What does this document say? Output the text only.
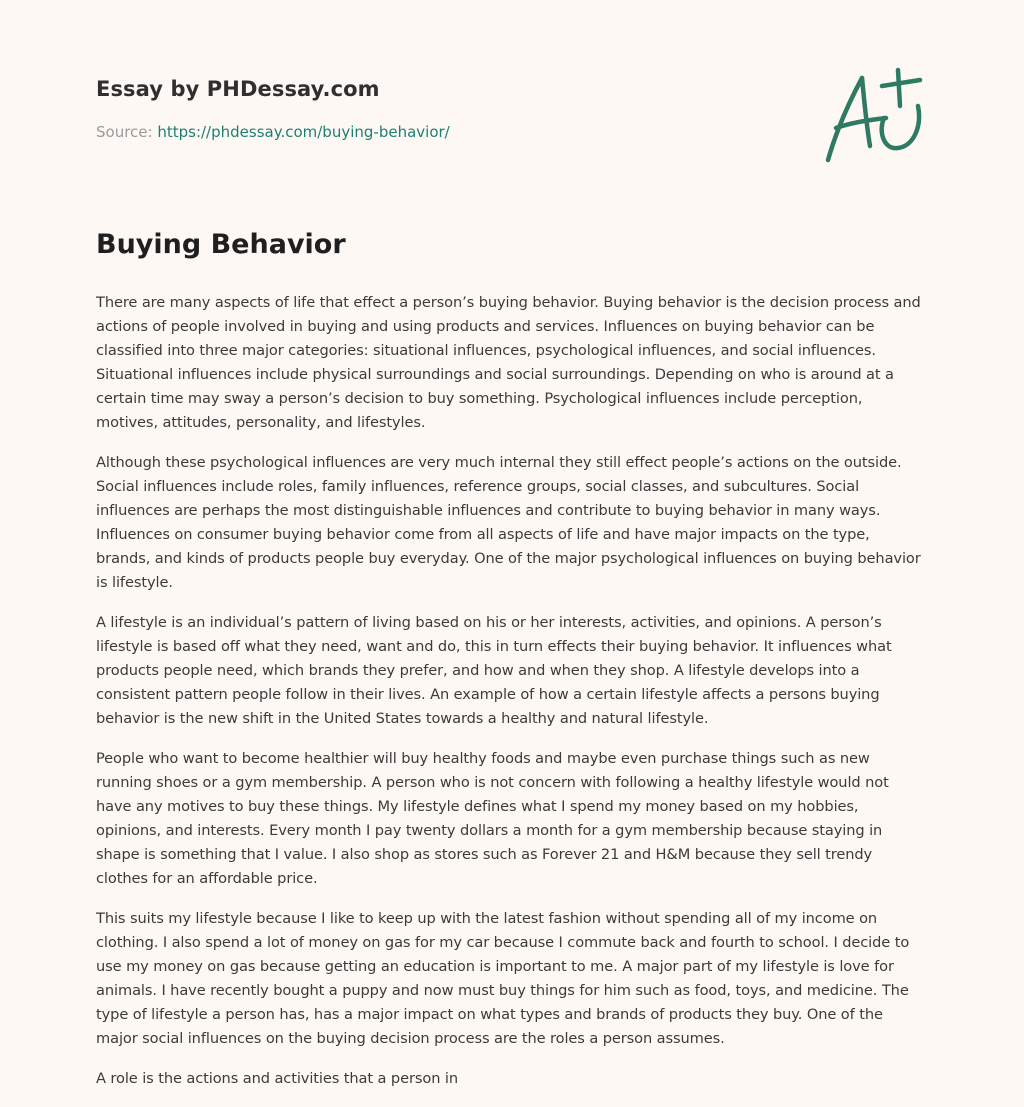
Essay by PHDessay.com
Source: https://phdessay.com/buying-behavior/
Buying Behavior

There are many aspects of life that effect a person’s buying behavior. Buying behavior is the decision process and actions of people involved in buying and using products and services. Influences on buying behavior can be classified into three major categories: situational influences, psychological influences, and social influences. Situational influences include physical surroundings and social surroundings. Depending on who is around at a certain time may sway a person’s decision to buy something. Psychological influences include perception, motives, attitudes, personality, and lifestyles.

Although these psychological influences are very much internal they still effect people’s actions on the outside. Social influences include roles, family influences, reference groups, social classes, and subcultures. Social influences are perhaps the most distinguishable influences and contribute to buying behavior in many ways. Influences on consumer buying behavior come from all aspects of life and have major impacts on the type, brands, and kinds of products people buy everyday. One of the major psychological influences on buying behavior is lifestyle.

A lifestyle is an individual’s pattern of living based on his or her interests, activities, and opinions. A person’s lifestyle is based off what they need, want and do, this in turn effects their buying behavior. It influences what products people need, which brands they prefer, and how and when they shop. A lifestyle develops into a consistent pattern people follow in their lives. An example of how a certain lifestyle affects a persons buying behavior is the new shift in the United States towards a healthy and natural lifestyle.

People who want to become healthier will buy healthy foods and maybe even purchase things such as new running shoes or a gym membership. A person who is not concern with following a healthy lifestyle would not have any motives to buy these things. My lifestyle defines what I spend my money based on my hobbies, opinions, and interests. Every month I pay twenty dollars a month for a gym membership because staying in shape is something that I value. I also shop as stores such as Forever 21 and H&M because they sell trendy clothes for an affordable price.

This suits my lifestyle because I like to keep up with the latest fashion without spending all of my income on clothing. I also spend a lot of money on gas for my car because I commute back and fourth to school. I decide to use my money on gas because getting an education is important to me. A major part of my lifestyle is love for animals. I have recently bought a puppy and now must buy things for him such as food, toys, and medicine. The type of lifestyle a person has, has a major impact on what types and brands of products they buy. One of the major social influences on the buying decision process are the roles a person assumes.

A role is the actions and activities that a person in
